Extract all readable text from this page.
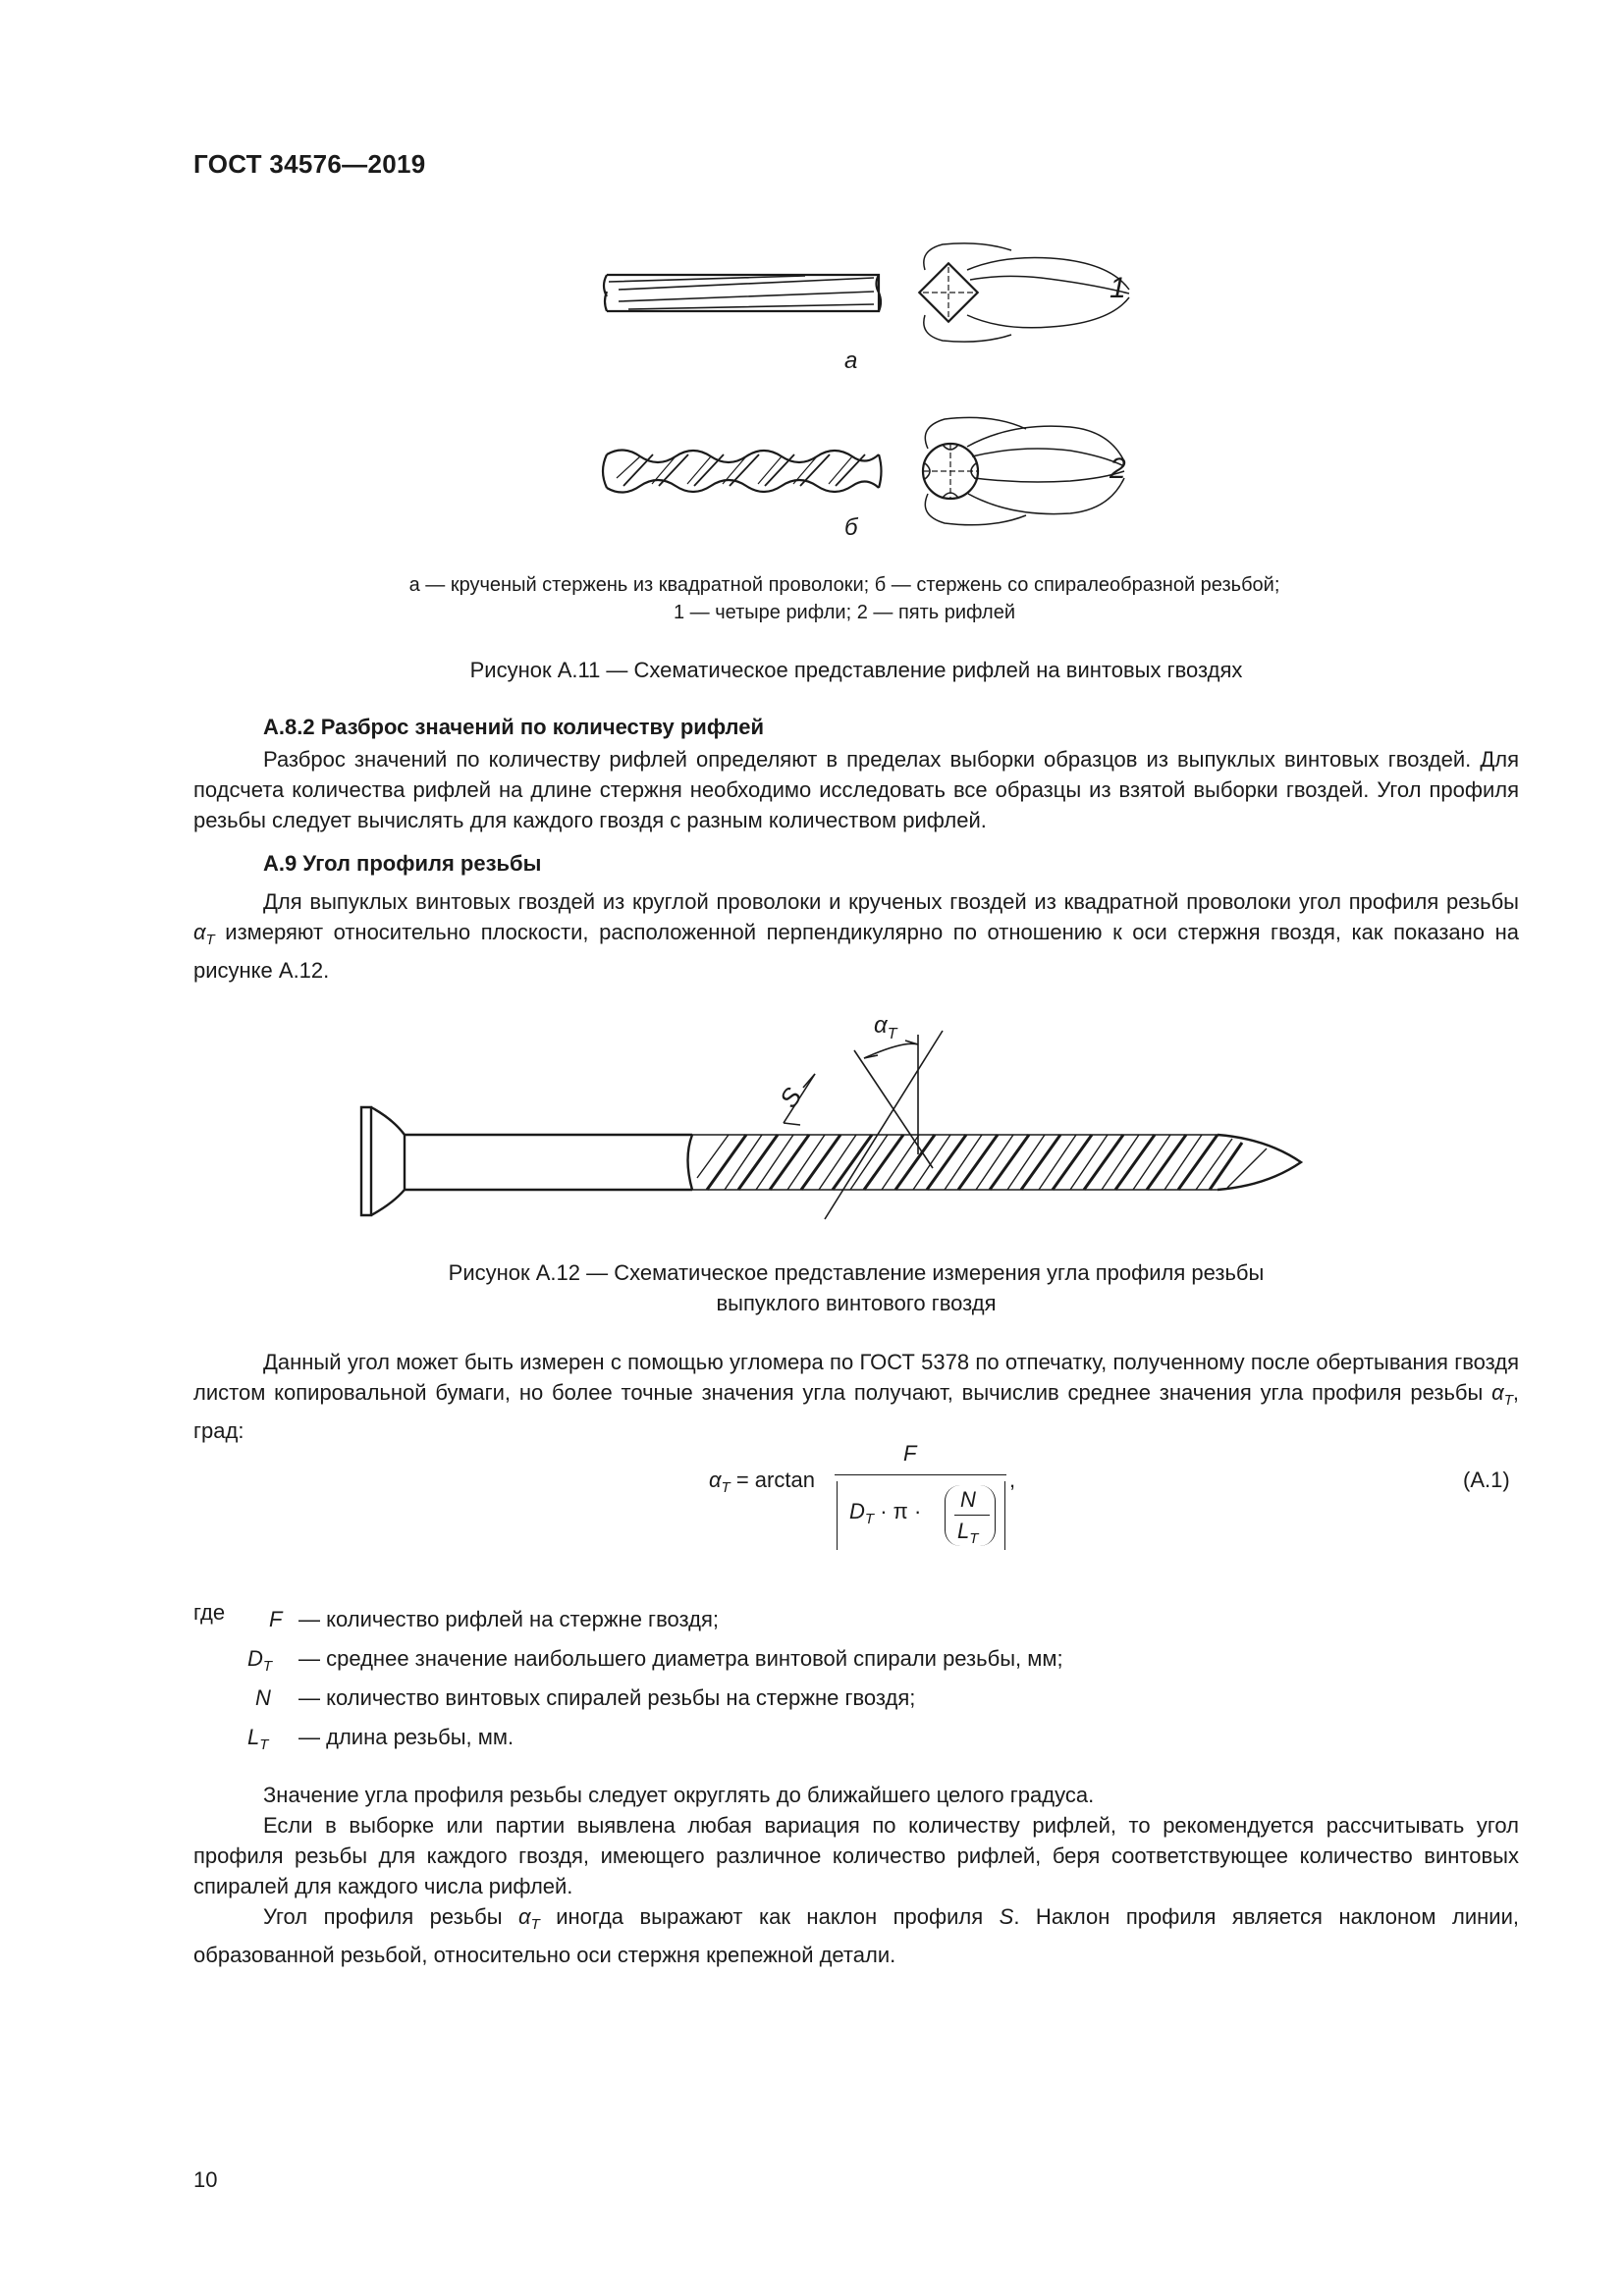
ГОСТ 34576—2019
1
2
а
б
а — крученый стержень из квадратной проволоки; б — стержень со спиралеобразной резьбой;
1 — четыре рифли; 2 — пять рифлей
Рисунок А.11 — Схематическое представление рифлей на винтовых гвоздях
А.8.2 Разброс значений по количеству рифлей

Разброс значений по количеству рифлей определяют в пределах выборки образцов из выпуклых винтовых гвоздей. Для подсчета количества рифлей на длине стержня необходимо исследовать все образцы из взятой выборки гвоздей. Угол профиля резьбы следует вычислять для каждого гвоздя с разным количеством рифлей.

А.9 Угол профиля резьбы

Для выпуклых винтовых гвоздей из круглой проволоки и крученых гвоздей из квадратной проволоки угол профиля резьбы $\alpha_T$ измеряют относительно плоскости, расположенной перпендикулярно по отношению к оси стержня гвоздя, как показано на рисунке А.12.

S
$\alpha_T$
Рисунок А.12 — Схематическое представление измерения угла профиля резьбы
выпуклого винтового гвоздя

Данный угол может быть измерен с помощью угломера по ГОСТ 5378 по отпечатку, полученному после обертывания гвоздя листом копировальной бумаги, но более точные значения угла получают, вычислив среднее значения угла профиля резьбы $\alpha_T$, град:

$\alpha_T = \arctan$
F
$D_T \cdot \pi \cdot N$
$L_T$
,	(А.1)
где F — количество рифлей на стержне гвоздя;
$D_T$	— среднее значение наибольшего диаметра винтовой спирали резьбы, мм;
N	— количество винтовых спиралей резьбы на стержне гвоздя;
$L_T$	— длина резьбы, мм.

Значение угла профиля резьбы следует округлять до ближайшего целого градуса.

Если в выборке или партии выявлена любая вариация по количеству рифлей, то рекомендуется рассчитывать угол профиля резьбы для каждого гвоздя, имеющего различное количество рифлей, беря соответствующее количество винтовых спиралей для каждого числа рифлей.

Угол профиля резьбы $\alpha_T$ иногда выражают как наклон профиля S. Наклон профиля является наклоном линии, образованной резьбой, относительно оси стержня крепежной детали.

10
